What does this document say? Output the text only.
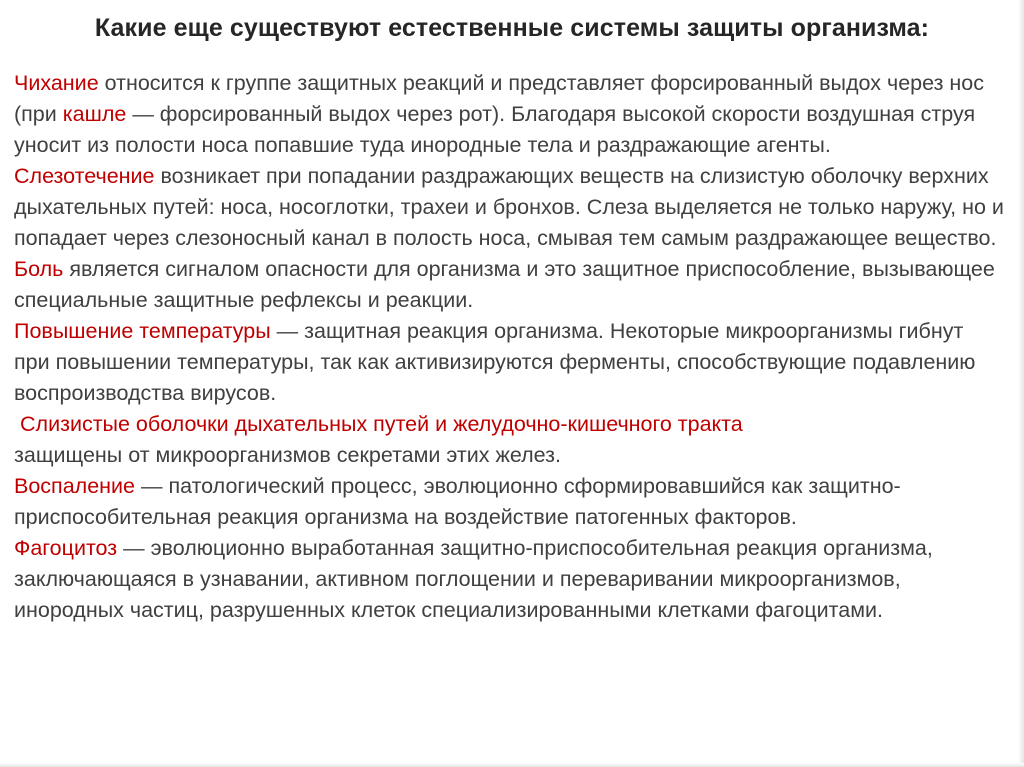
Какие еще существуют естественные системы защиты организма:

Чихание относится к группе защитных реакций и представляет форсированный выдох через нос (при кашле — форсированный выдох через рот). Благодаря высокой скорости воздушная струя уносит из полости носа попавшие туда инородные тела и раздражающие агенты.

Слезотечение возникает при попадании раздражающих веществ на слизистую оболочку верхних дыхательных путей: носа, носоглотки, трахеи и бронхов. Слеза выделяется не только наружу, но и попадает через слезоносный канал в полость носа, смывая тем самым раздражающее вещество.

Боль является сигналом опасности для организма и это защитное приспособление, вызывающее специальные защитные рефлексы и реакции.

Повышение температуры — защитная реакция организма. Некоторые микроорганизмы гибнут при повышении температуры, так как активизируются ферменты, способствующие подавлению воспроизводства вирусов.

Слизистые оболочки дыхательных путей и желудочно-кишечного тракта

защищены от микроорганизмов секретами этих желез.

Воспаление — патологический процесс, эволюционно сформировавшийся как защитно-приспособительная реакция организма на воздействие патогенных факторов.

Фагоцитоз — эволюционно выработанная защитно-приспособительная реакция организма, заключающаяся в узнавании, активном поглощении и переваривании микроорганизмов, инородных частиц, разрушенных клеток специализированными клетками фагоцитами.
